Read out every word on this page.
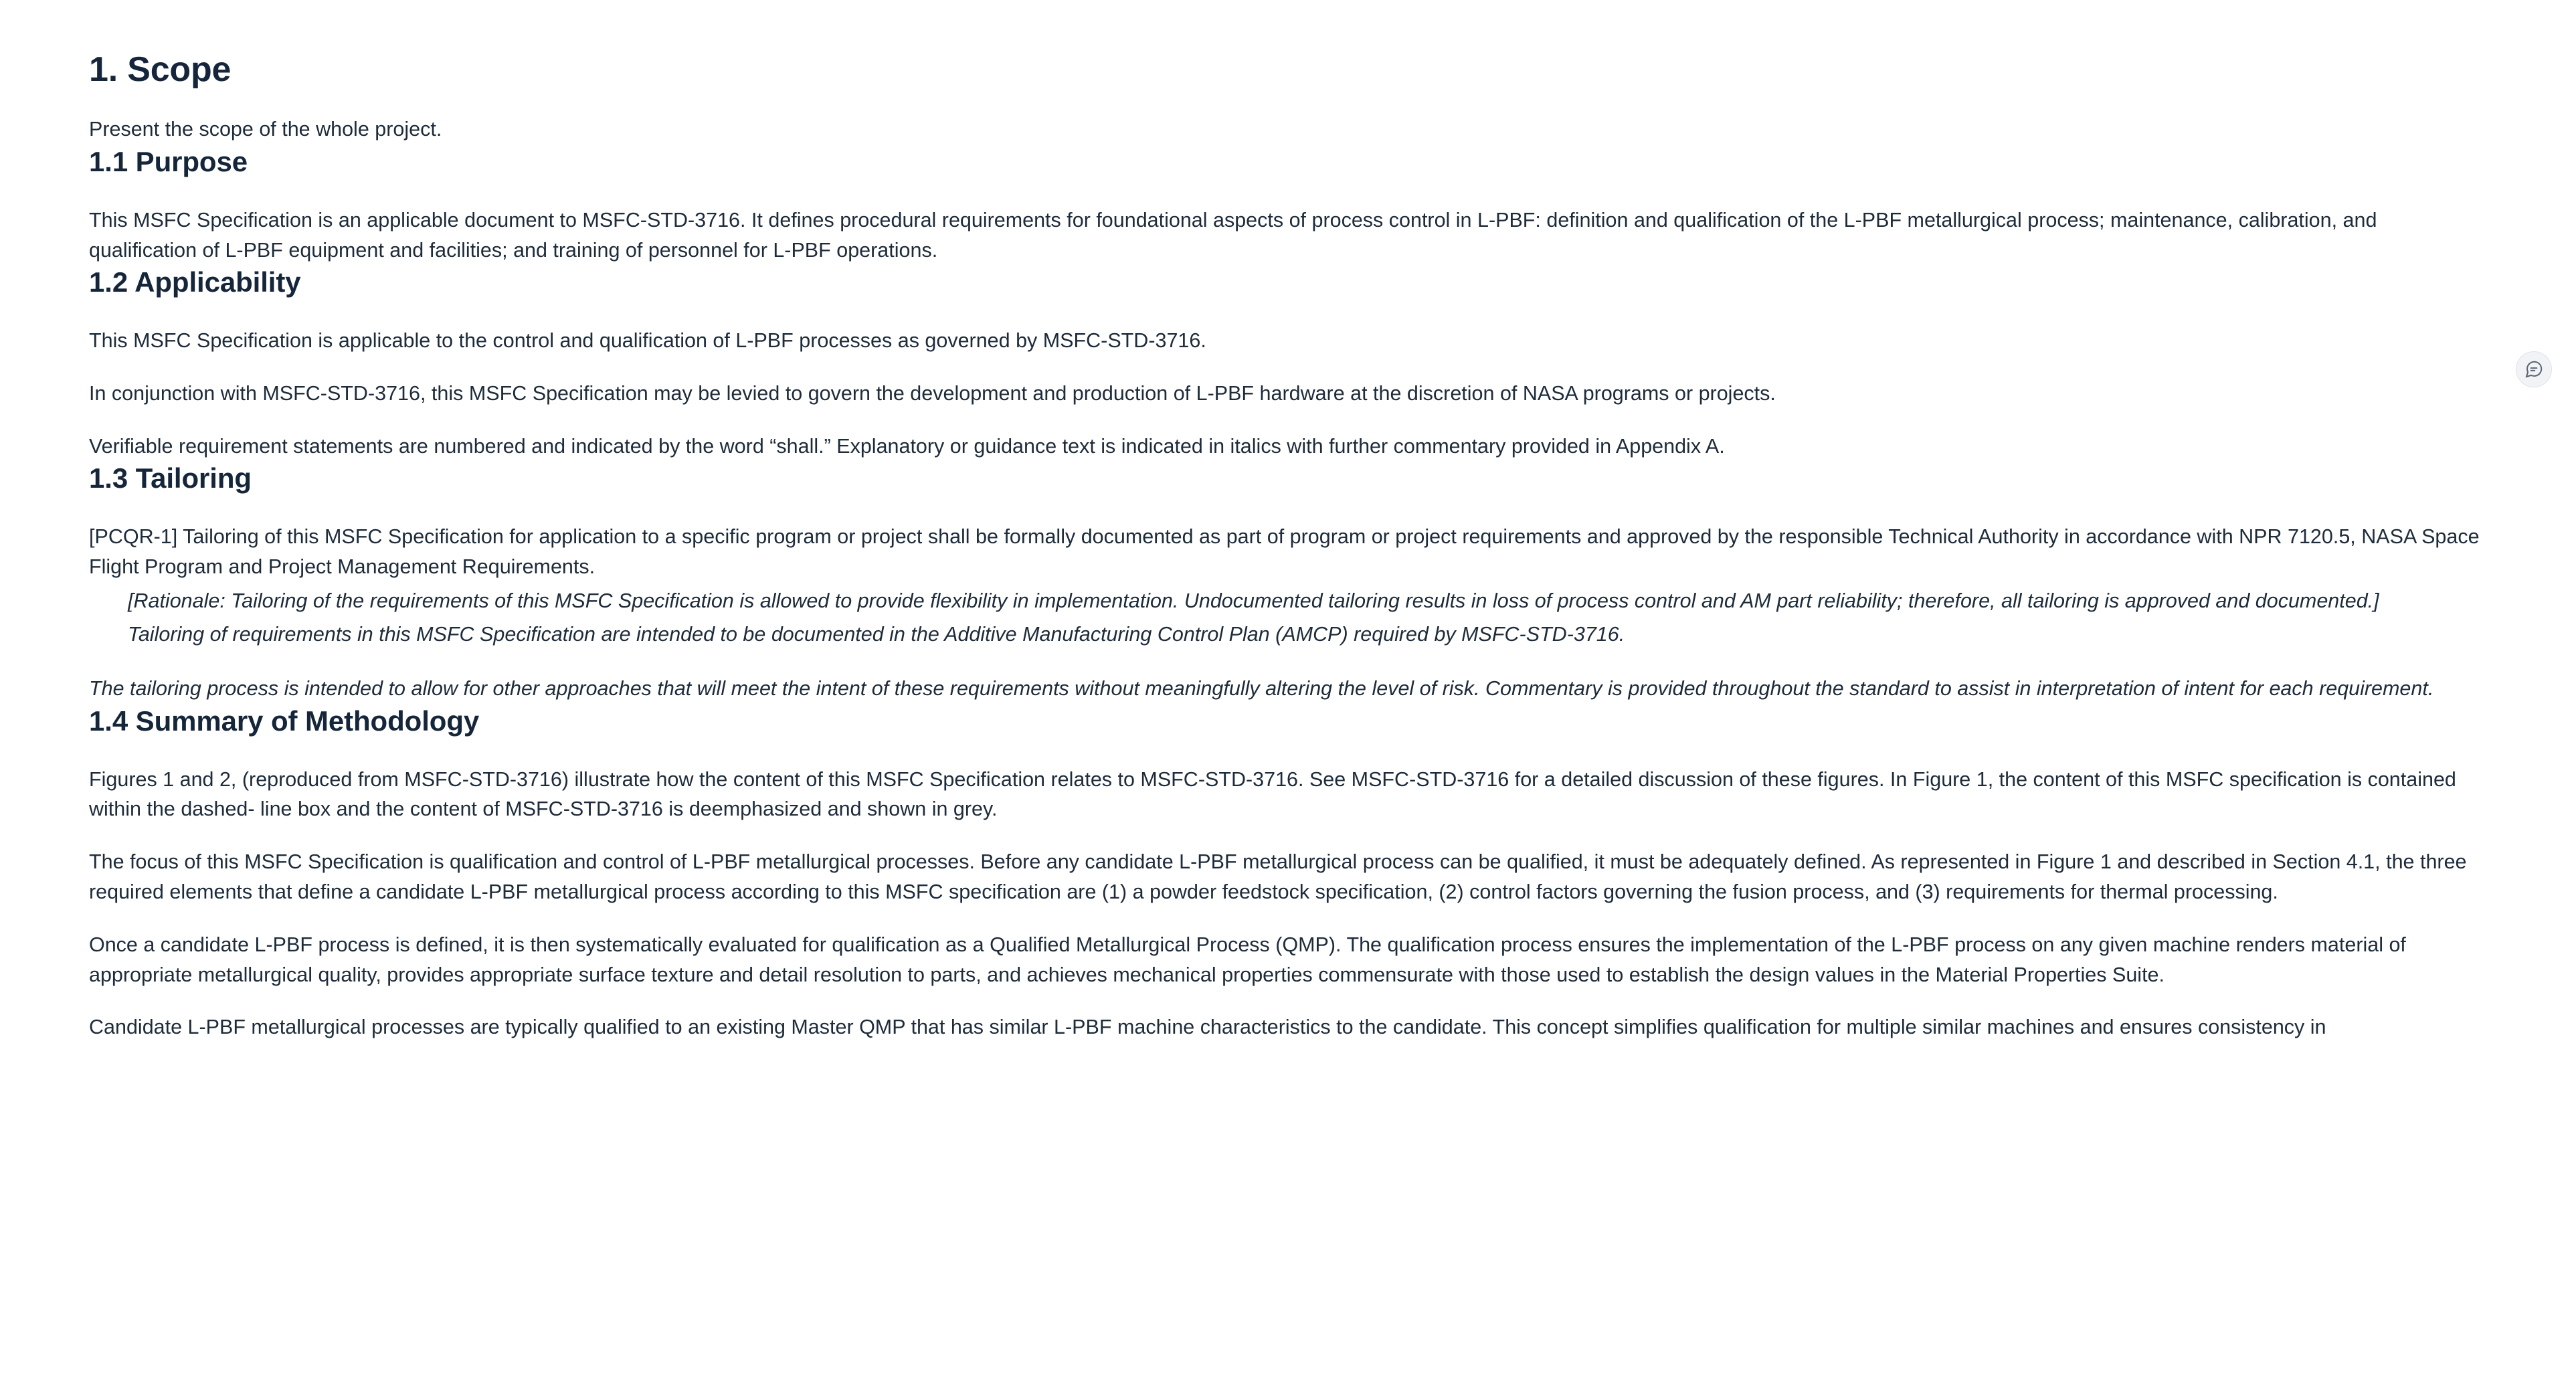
1. Scope

Present the scope of the whole project.

1.1 Purpose

This MSFC Specification is an applicable document to MSFC-STD-3716. It defines procedural requirements for foundational aspects of process control in L-PBF: definition and qualification of the L-PBF metallurgical process; maintenance, calibration, and qualification of L-PBF equipment and facilities; and training of personnel for L-PBF operations.

1.2 Applicability

This MSFC Specification is applicable to the control and qualification of L-PBF processes as governed by MSFC-STD-3716.

In conjunction with MSFC-STD-3716, this MSFC Specification may be levied to govern the development and production of L-PBF hardware at the discretion of NASA programs or projects.

Verifiable requirement statements are numbered and indicated by the word “shall.” Explanatory or guidance text is indicated in italics with further commentary provided in Appendix A.

1.3 Tailoring

[PCQR-1] Tailoring of this MSFC Specification for application to a specific program or project shall be formally documented as part of program or project requirements and approved by the responsible Technical Authority in accordance with NPR 7120.5, NASA Space Flight Program and Project Management Requirements.

[Rationale: Tailoring of the requirements of this MSFC Specification is allowed to provide flexibility in implementation. Undocumented tailoring results in loss of process control and AM part reliability; therefore, all tailoring is approved and documented.]

Tailoring of requirements in this MSFC Specification are intended to be documented in the Additive Manufacturing Control Plan (AMCP) required by MSFC-STD-3716.

The tailoring process is intended to allow for other approaches that will meet the intent of these requirements without meaningfully altering the level of risk. Commentary is provided throughout the standard to assist in interpretation of intent for each requirement.

1.4 Summary of Methodology

Figures 1 and 2, (reproduced from MSFC-STD-3716) illustrate how the content of this MSFC Specification relates to MSFC-STD-3716. See MSFC-STD-3716 for a detailed discussion of these figures. In Figure 1, the content of this MSFC specification is contained within the dashed- line box and the content of MSFC-STD-3716 is deemphasized and shown in grey.

The focus of this MSFC Specification is qualification and control of L-PBF metallurgical processes. Before any candidate L-PBF metallurgical process can be qualified, it must be adequately defined. As represented in Figure 1 and described in Section 4.1, the three required elements that define a candidate L-PBF metallurgical process according to this MSFC specification are (1) a powder feedstock specification, (2) control factors governing the fusion process, and (3) requirements for thermal processing.

Once a candidate L-PBF process is defined, it is then systematically evaluated for qualification as a Qualified Metallurgical Process (QMP). The qualification process ensures the implementation of the L-PBF process on any given machine renders material of appropriate metallurgical quality, provides appropriate surface texture and detail resolution to parts, and achieves mechanical properties commensurate with those used to establish the design values in the Material Properties Suite.

Candidate L-PBF metallurgical processes are typically qualified to an existing Master QMP that has similar L-PBF machine characteristics to the candidate. This concept simplifies qualification for multiple similar machines and ensures consistency in
